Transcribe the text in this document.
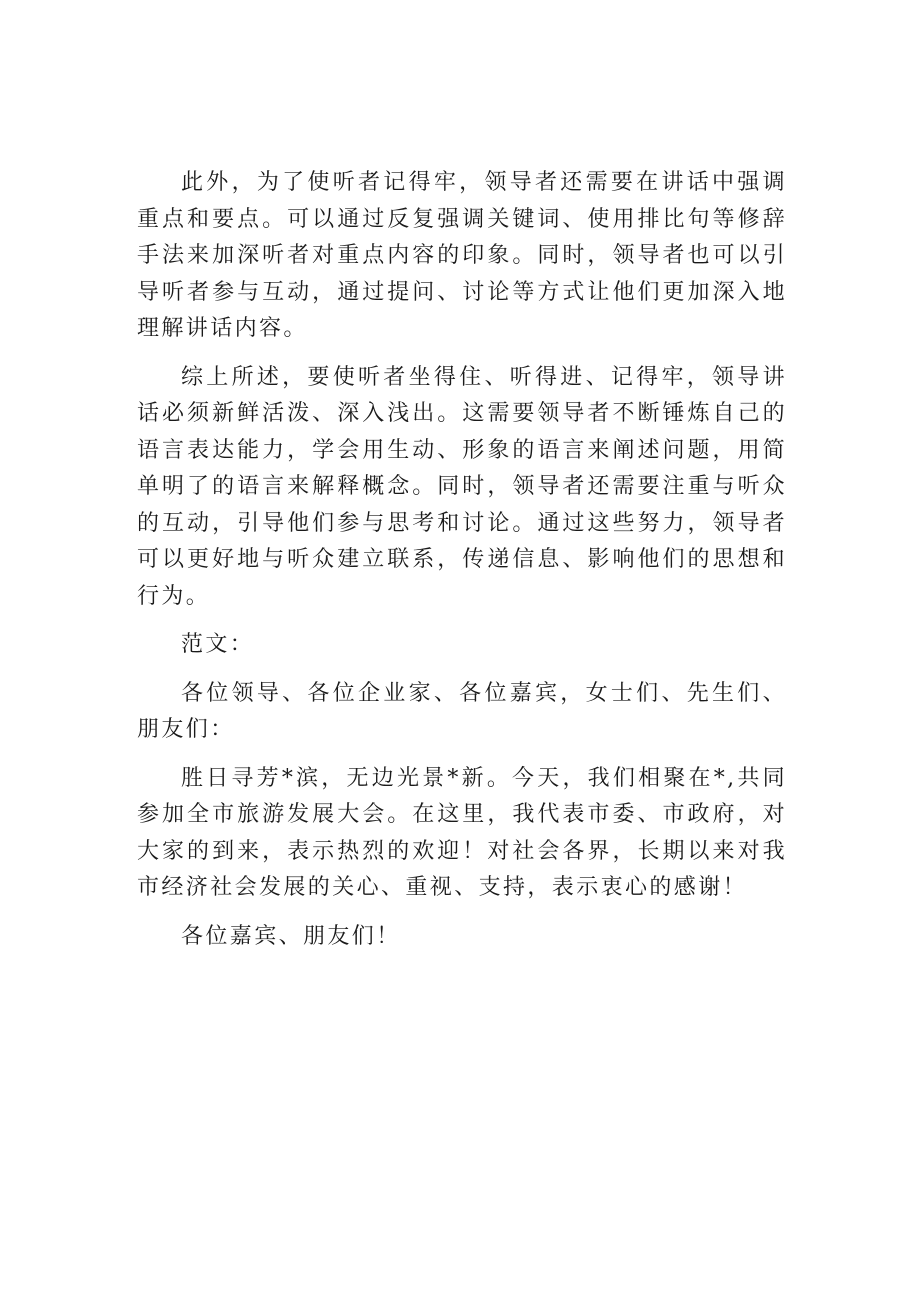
此外，为了使听者记得牢，领导者还需要在讲话中强调重点和要点。可以通过反复强调关键词、使用排比句等修辞手法来加深听者对重点内容的印象。同时，领导者也可以引导听者参与互动，通过提问、讨论等方式让他们更加深入地理解讲话内容。

综上所述，要使听者坐得住、听得进、记得牢，领导讲话必须新鲜活泼、深入浅出。这需要领导者不断锤炼自己的语言表达能力，学会用生动、形象的语言来阐述问题，用简单明了的语言来解释概念。同时，领导者还需要注重与听众的互动，引导他们参与思考和讨论。通过这些努力，领导者可以更好地与听众建立联系，传递信息、影响他们的思想和行为。

范文：

各位领导、各位企业家、各位嘉宾，女士们、先生们、朋友们：

胜日寻芳*滨，无边光景*新。今天，我们相聚在*,共同参加全市旅游发展大会。在这里，我代表市委、市政府，对大家的到来，表示热烈的欢迎！对社会各界，长期以来对我市经济社会发展的关心、重视、支持，表示衷心的感谢！

各位嘉宾、朋友们！
